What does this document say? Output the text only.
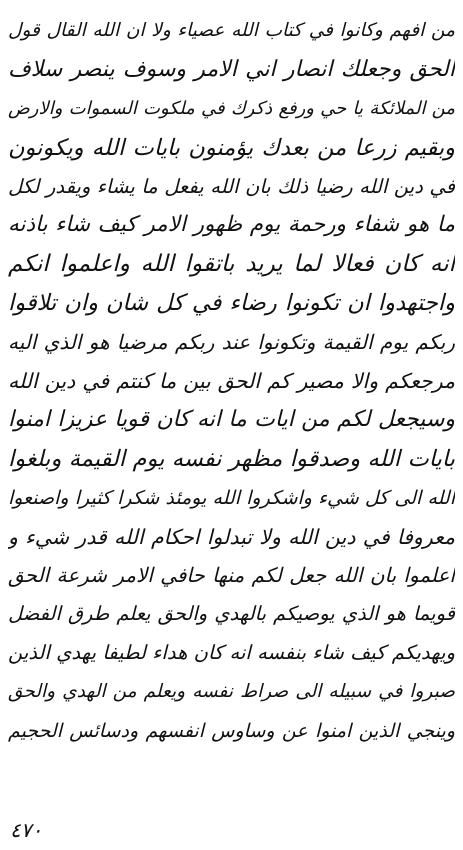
من افهم وكانوا في كتاب الله عصياء ولا ان الله القال قول
الحق وجعلك انصار اني الامر وسوف ينصر سلاف
من الملائكة يا حي ورفع ذكرك في ملكوت السموات والارض
وبقيم زرعا من بعدك يؤمنون بايات الله ويكونون
في دين الله رضيا ذلك بان الله يفعل ما يشاء ويقدر لكل
ما هو شفاء ورحمة يوم ظهور الامر كيف شاء باذنه
انه كان فعالا لما يريد باتقوا الله واعلموا انكم
واجتهدوا ان تكونوا رضاء في كل شان وان تلاقوا
ربكم يوم القيمة وتكونوا عند ربكم مرضيا هو الذي اليه
مرجعكم والا مصير كم الحق بين ما كنتم في دين الله
وسيجعل لكم من ايات ما انه كان قويا عزيزا امنوا
بايات الله وصدقوا مظهر نفسه يوم القيمة وبلغوا
الله الى كل شيء واشكروا الله يومئذ شكرا كثيرا واصنعوا
معروفا في دين الله ولا تبدلوا احكام الله قدر شيء و
اعلموا بان الله جعل لكم منها حافي الامر شرعة الحق
قويما هو الذي يوصيكم بالهدي والحق يعلم طرق الفضل
ويهديكم كيف شاء بنفسه انه كان هداء لطيفا يهدي الذين
صبروا في سبيله الى صراط نفسه ويعلم من الهدي والحق
وينجي الذين امنوا عن وساوس انفسهم ودسائس الحجيم
٤٧٠
